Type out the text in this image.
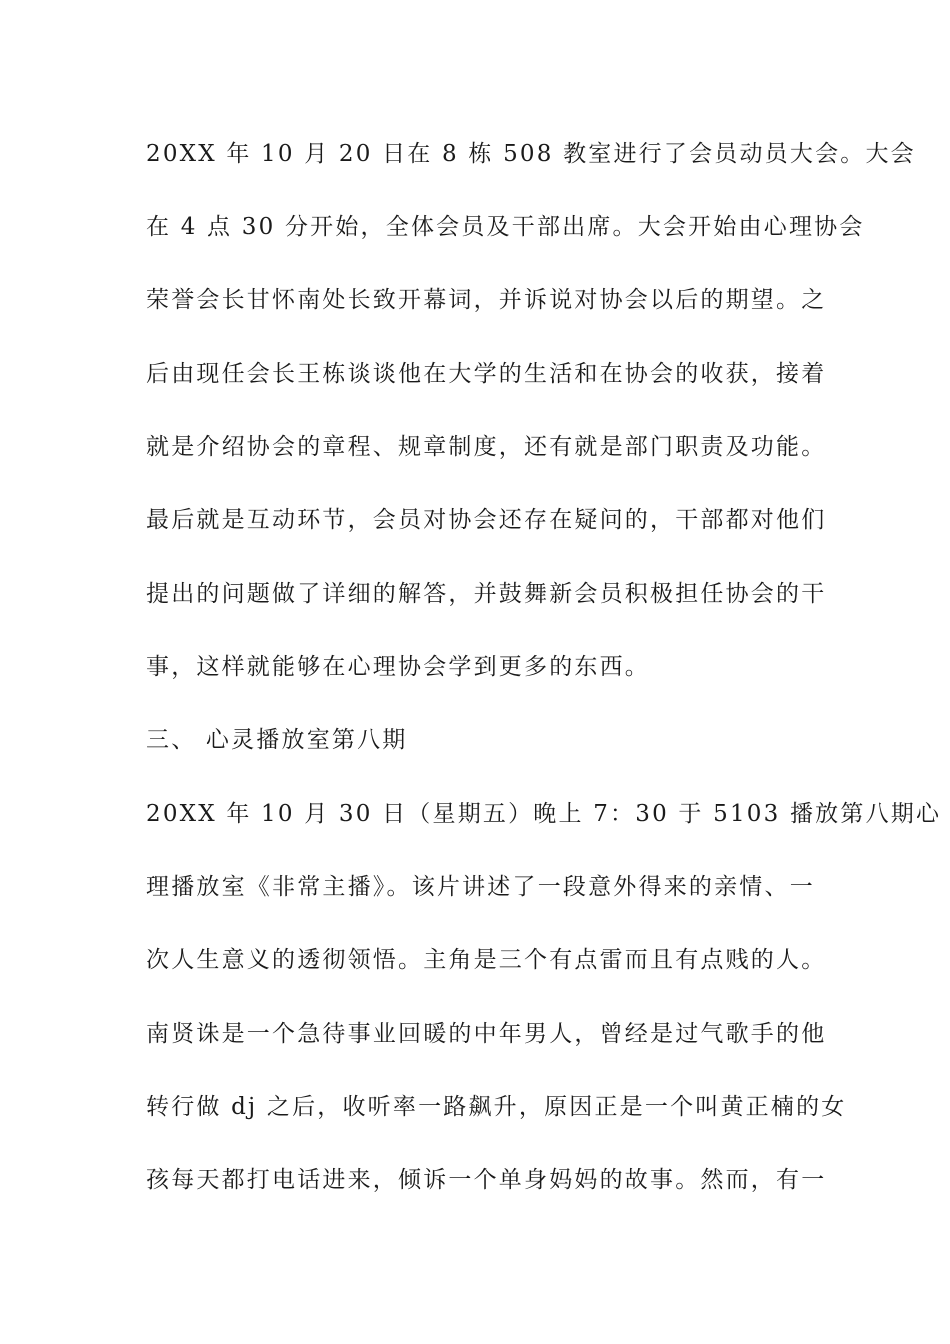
20XX 年 10 月 20 日在 8 栋 508 教室进行了会员动员大会。大会
在 4 点 30 分开始，全体会员及干部出席。大会开始由心理协会
荣誉会长甘怀南处长致开幕词，并诉说对协会以后的期望。之
后由现任会长王栋谈谈他在大学的生活和在协会的收获，接着
就是介绍协会的章程、规章制度，还有就是部门职责及功能。
最后就是互动环节，会员对协会还存在疑问的，干部都对他们
提出的问题做了详细的解答，并鼓舞新会员积极担任协会的干
事，这样就能够在心理协会学到更多的东西。
三、 心灵播放室第八期
20XX 年 10 月 30 日（星期五）晚上 7：30 于 5103 播放第八期心
理播放室《非常主播》。该片讲述了一段意外得来的亲情、一
次人生意义的透彻领悟。主角是三个有点雷而且有点贱的人。
南贤诛是一个急待事业回暖的中年男人，曾经是过气歌手的他
转行做 dj 之后，收听率一路飙升，原因正是一个叫黄正楠的女
孩每天都打电话进来，倾诉一个单身妈妈的故事。然而，有一
